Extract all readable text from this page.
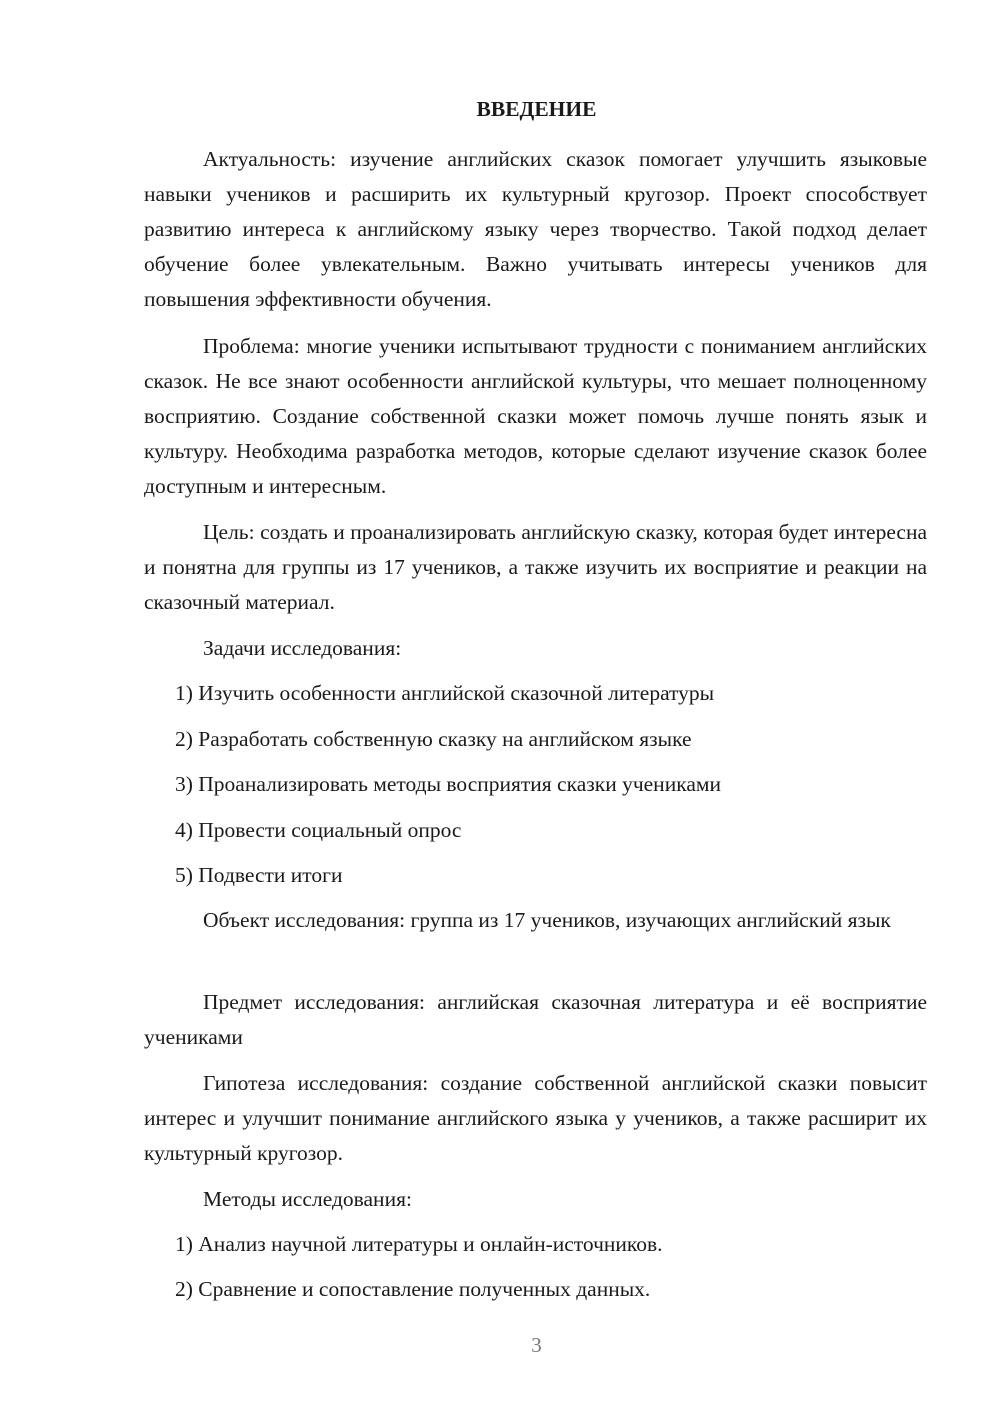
ВВЕДЕНИЕ

Актуальность: изучение английских сказок помогает улучшить языковые навыки учеников и расширить их культурный кругозор. Проект способствует развитию интереса к английскому языку через творчество. Такой подход делает обучение более увлекательным. Важно учитывать интересы учеников для повышения эффективности обучения.

Проблема: многие ученики испытывают трудности с пониманием английских сказок. Не все знают особенности английской культуры, что мешает полноценному восприятию. Создание собственной сказки может помочь лучше понять язык и культуру. Необходима разработка методов, которые сделают изучение сказок более доступным и интересным.

Цель: создать и проанализировать английскую сказку, которая будет интересна и понятна для группы из 17 учеников, а также изучить их восприятие и реакции на сказочный материал.

Задачи исследования:

1) Изучить особенности английской сказочной литературы

2) Разработать собственную сказку на английском языке

3) Проанализировать методы восприятия сказки учениками

4) Провести социальный опрос

5) Подвести итоги

Объект исследования: группа из 17 учеников, изучающих английский язык

Предмет исследования: английская сказочная литература и её восприятие учениками

Гипотеза исследования: создание собственной английской сказки повысит интерес и улучшит понимание английского языка у учеников, а также расширит их культурный кругозор.

Методы исследования:

1) Анализ научной литературы и онлайн-источников.

2) Сравнение и сопоставление полученных данных.

3
